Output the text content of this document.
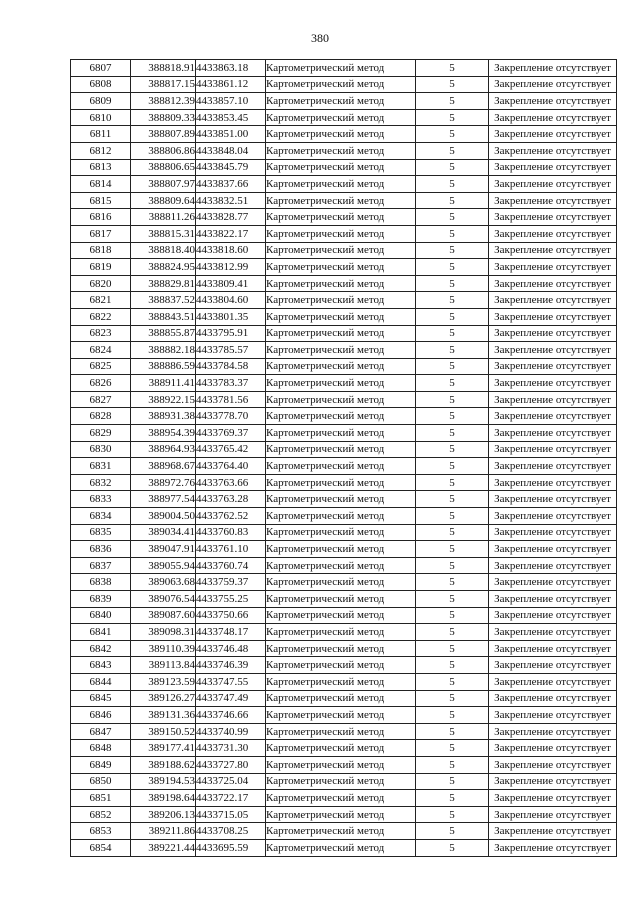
380
6807	388818.91	4433863.18	Картометрический метод	5	Закрепление отсутствует
6808	388817.15	4433861.12	Картометрический метод	5	Закрепление отсутствует
6809	388812.39	4433857.10	Картометрический метод	5	Закрепление отсутствует
6810	388809.33	4433853.45	Картометрический метод	5	Закрепление отсутствует
6811	388807.89	4433851.00	Картометрический метод	5	Закрепление отсутствует
6812	388806.86	4433848.04	Картометрический метод	5	Закрепление отсутствует
6813	388806.65	4433845.79	Картометрический метод	5	Закрепление отсутствует
6814	388807.97	4433837.66	Картометрический метод	5	Закрепление отсутствует
6815	388809.64	4433832.51	Картометрический метод	5	Закрепление отсутствует
6816	388811.26	4433828.77	Картометрический метод	5	Закрепление отсутствует
6817	388815.31	4433822.17	Картометрический метод	5	Закрепление отсутствует
6818	388818.40	4433818.60	Картометрический метод	5	Закрепление отсутствует
6819	388824.95	4433812.99	Картометрический метод	5	Закрепление отсутствует
6820	388829.81	4433809.41	Картометрический метод	5	Закрепление отсутствует
6821	388837.52	4433804.60	Картометрический метод	5	Закрепление отсутствует
6822	388843.51	4433801.35	Картометрический метод	5	Закрепление отсутствует
6823	388855.87	4433795.91	Картометрический метод	5	Закрепление отсутствует
6824	388882.18	4433785.57	Картометрический метод	5	Закрепление отсутствует
6825	388886.59	4433784.58	Картометрический метод	5	Закрепление отсутствует
6826	388911.41	4433783.37	Картометрический метод	5	Закрепление отсутствует
6827	388922.15	4433781.56	Картометрический метод	5	Закрепление отсутствует
6828	388931.38	4433778.70	Картометрический метод	5	Закрепление отсутствует
6829	388954.39	4433769.37	Картометрический метод	5	Закрепление отсутствует
6830	388964.93	4433765.42	Картометрический метод	5	Закрепление отсутствует
6831	388968.67	4433764.40	Картометрический метод	5	Закрепление отсутствует
6832	388972.76	4433763.66	Картометрический метод	5	Закрепление отсутствует
6833	388977.54	4433763.28	Картометрический метод	5	Закрепление отсутствует
6834	389004.50	4433762.52	Картометрический метод	5	Закрепление отсутствует
6835	389034.41	4433760.83	Картометрический метод	5	Закрепление отсутствует
6836	389047.91	4433761.10	Картометрический метод	5	Закрепление отсутствует
6837	389055.94	4433760.74	Картометрический метод	5	Закрепление отсутствует
6838	389063.68	4433759.37	Картометрический метод	5	Закрепление отсутствует
6839	389076.54	4433755.25	Картометрический метод	5	Закрепление отсутствует
6840	389087.60	4433750.66	Картометрический метод	5	Закрепление отсутствует
6841	389098.31	4433748.17	Картометрический метод	5	Закрепление отсутствует
6842	389110.39	4433746.48	Картометрический метод	5	Закрепление отсутствует
6843	389113.84	4433746.39	Картометрический метод	5	Закрепление отсутствует
6844	389123.59	4433747.55	Картометрический метод	5	Закрепление отсутствует
6845	389126.27	4433747.49	Картометрический метод	5	Закрепление отсутствует
6846	389131.36	4433746.66	Картометрический метод	5	Закрепление отсутствует
6847	389150.52	4433740.99	Картометрический метод	5	Закрепление отсутствует
6848	389177.41	4433731.30	Картометрический метод	5	Закрепление отсутствует
6849	389188.62	4433727.80	Картометрический метод	5	Закрепление отсутствует
6850	389194.53	4433725.04	Картометрический метод	5	Закрепление отсутствует
6851	389198.64	4433722.17	Картометрический метод	5	Закрепление отсутствует
6852	389206.13	4433715.05	Картометрический метод	5	Закрепление отсутствует
6853	389211.86	4433708.25	Картометрический метод	5	Закрепление отсутствует
6854	389221.44	4433695.59	Картометрический метод	5	Закрепление отсутствует
